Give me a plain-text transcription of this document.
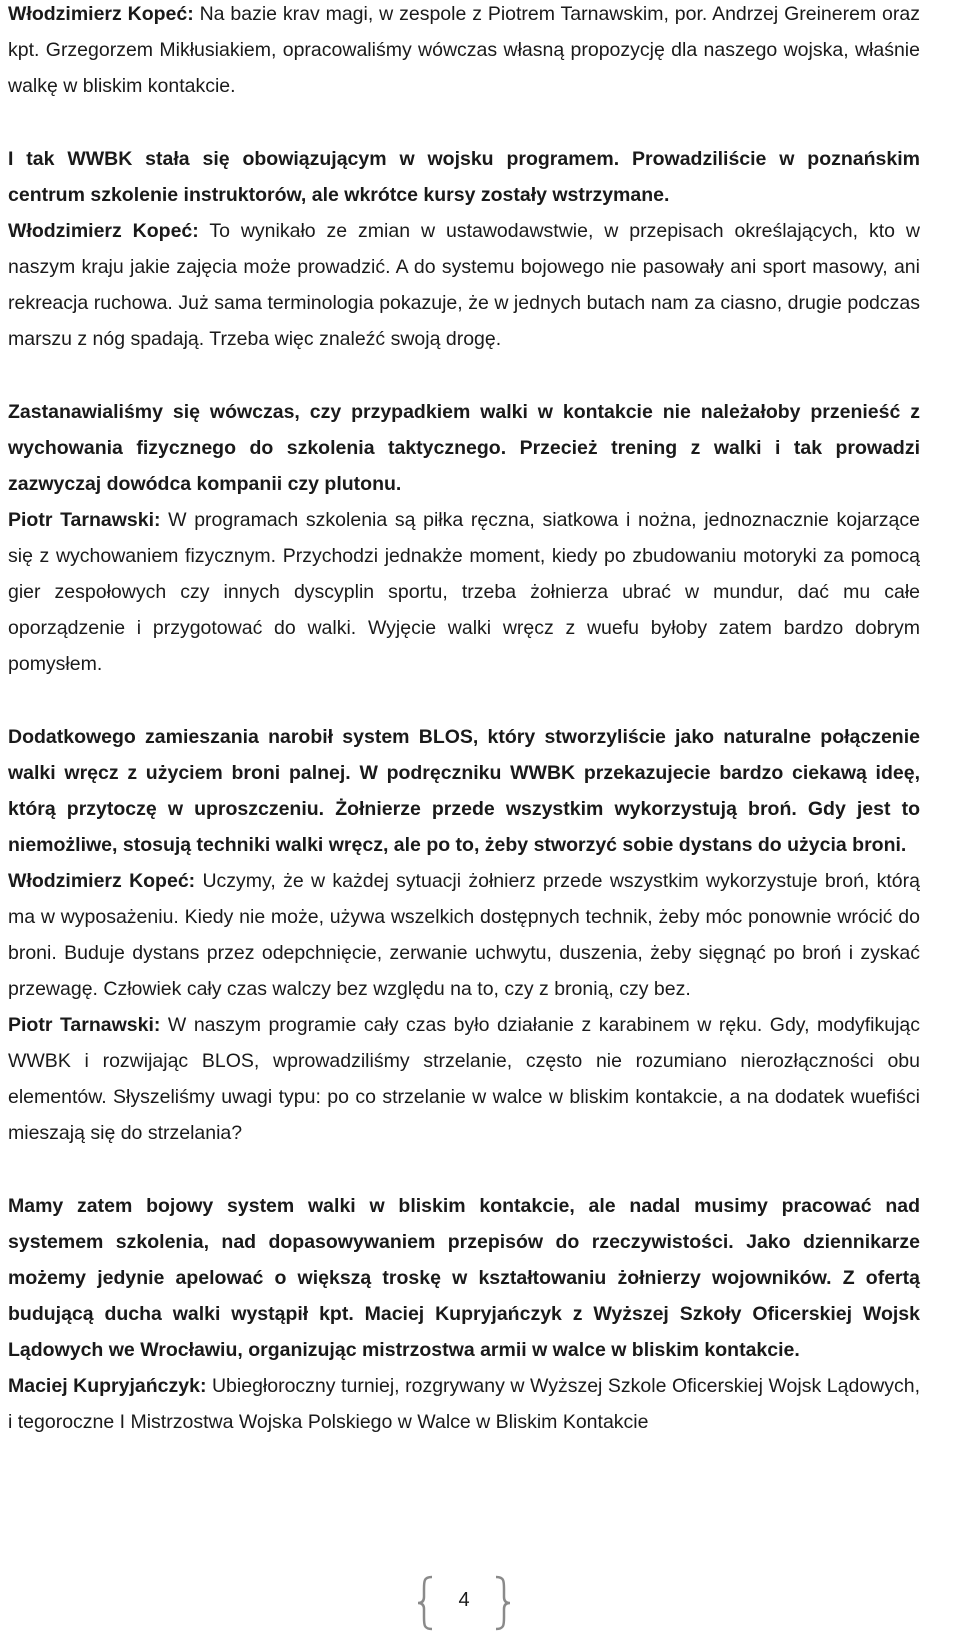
Włodzimierz Kopeć: Na bazie krav magi, w zespole z Piotrem Tarnawskim, por. Andrzej Greinerem oraz kpt. Grzegorzem Mikłusiakiem, opracowaliśmy wówczas własną propozycję dla naszego wojska, właśnie walkę w bliskim kontakcie.

I tak WWBK stała się obowiązującym w wojsku programem. Prowadziliście w poznańskim centrum szkolenie instruktorów, ale wkrótce kursy zostały wstrzymane.

Włodzimierz Kopeć: To wynikało ze zmian w ustawodawstwie, w przepisach określających, kto w naszym kraju jakie zajęcia może prowadzić. A do systemu bojowego nie pasowały ani sport masowy, ani rekreacja ruchowa. Już sama terminologia pokazuje, że w jednych butach nam za ciasno, drugie podczas marszu z nóg spadają. Trzeba więc znaleźć swoją drogę.

Zastanawialiśmy się wówczas, czy przypadkiem walki w kontakcie nie należałoby przenieść z wychowania fizycznego do szkolenia taktycznego. Przecież trening z walki i tak prowadzi zazwyczaj dowódca kompanii czy plutonu.

Piotr Tarnawski: W programach szkolenia są piłka ręczna, siatkowa i nożna, jednoznacznie kojarzące się z wychowaniem fizycznym. Przychodzi jednakże moment, kiedy po zbudowaniu motoryki za pomocą gier zespołowych czy innych dyscyplin sportu, trzeba żołnierza ubrać w mundur, dać mu całe oporządzenie i przygotować do walki. Wyjęcie walki wręcz z wuefu byłoby zatem bardzo dobrym pomysłem.

Dodatkowego zamieszania narobił system BLOS, który stworzyliście jako naturalne połączenie walki wręcz z użyciem broni palnej. W podręczniku WWBK przekazujecie bardzo ciekawą ideę, którą przytoczę w uproszczeniu. Żołnierze przede wszystkim wykorzystują broń. Gdy jest to niemożliwe, stosują techniki walki wręcz, ale po to, żeby stworzyć sobie dystans do użycia broni.

Włodzimierz Kopeć: Uczymy, że w każdej sytuacji żołnierz przede wszystkim wykorzystuje broń, którą ma w wyposażeniu. Kiedy nie może, używa wszelkich dostępnych technik, żeby móc ponownie wrócić do broni. Buduje dystans przez odepchnięcie, zerwanie uchwytu, duszenia, żeby sięgnąć po broń i zyskać przewagę. Człowiek cały czas walczy bez względu na to, czy z bronią, czy bez.

Piotr Tarnawski: W naszym programie cały czas było działanie z karabinem w ręku. Gdy, modyfikując WWBK i rozwijając BLOS, wprowadziliśmy strzelanie, często nie rozumiano nierozłączności obu elementów. Słyszeliśmy uwagi typu: po co strzelanie w walce w bliskim kontakcie, a na dodatek wuefiści mieszają się do strzelania?

Mamy zatem bojowy system walki w bliskim kontakcie, ale nadal musimy pracować nad systemem szkolenia, nad dopasowywaniem przepisów do rzeczywistości. Jako dziennikarze możemy jedynie apelować o większą troskę w kształtowaniu żołnierzy wojowników. Z ofertą budującą ducha walki wystąpił kpt. Maciej Kupryjańczyk z Wyższej Szkoły Oficerskiej Wojsk Lądowych we Wrocławiu, organizując mistrzostwa armii w walce w bliskim kontakcie.

Maciej Kupryjańczyk: Ubiegłoroczny turniej, rozgrywany w Wyższej Szkole Oficerskiej Wojsk Lądowych, i tegoroczne I Mistrzostwa Wojska Polskiego w Walce w Bliskim Kontakcie

4
